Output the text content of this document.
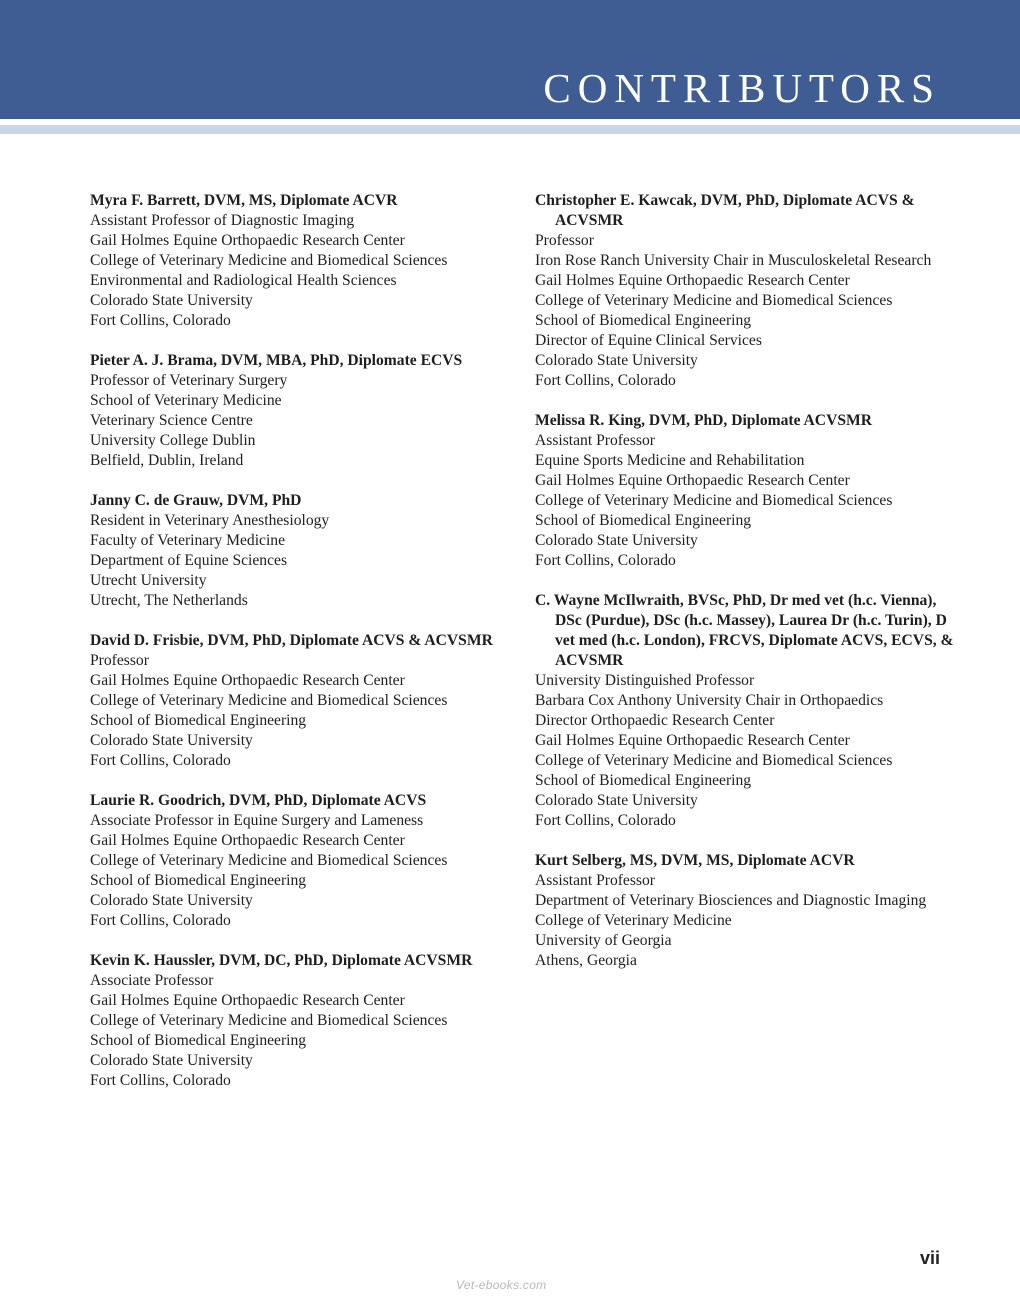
CONTRIBUTORS
Myra F. Barrett, DVM, MS, Diplomate ACVR
Assistant Professor of Diagnostic Imaging
Gail Holmes Equine Orthopaedic Research Center
College of Veterinary Medicine and Biomedical Sciences
Environmental and Radiological Health Sciences
Colorado State University
Fort Collins, Colorado
Pieter A. J. Brama, DVM, MBA, PhD, Diplomate ECVS
Professor of Veterinary Surgery
School of Veterinary Medicine
Veterinary Science Centre
University College Dublin
Belfield, Dublin, Ireland
Janny C. de Grauw, DVM, PhD
Resident in Veterinary Anesthesiology
Faculty of Veterinary Medicine
Department of Equine Sciences
Utrecht University
Utrecht, The Netherlands
David D. Frisbie, DVM, PhD, Diplomate ACVS & ACVSMR
Professor
Gail Holmes Equine Orthopaedic Research Center
College of Veterinary Medicine and Biomedical Sciences
School of Biomedical Engineering
Colorado State University
Fort Collins, Colorado
Laurie R. Goodrich, DVM, PhD, Diplomate ACVS
Associate Professor in Equine Surgery and Lameness
Gail Holmes Equine Orthopaedic Research Center
College of Veterinary Medicine and Biomedical Sciences
School of Biomedical Engineering
Colorado State University
Fort Collins, Colorado
Kevin K. Haussler, DVM, DC, PhD, Diplomate ACVSMR
Associate Professor
Gail Holmes Equine Orthopaedic Research Center
College of Veterinary Medicine and Biomedical Sciences
School of Biomedical Engineering
Colorado State University
Fort Collins, Colorado
Christopher E. Kawcak, DVM, PhD, Diplomate ACVS & ACVSMR
Professor
Iron Rose Ranch University Chair in Musculoskeletal Research
Gail Holmes Equine Orthopaedic Research Center
College of Veterinary Medicine and Biomedical Sciences
School of Biomedical Engineering
Director of Equine Clinical Services
Colorado State University
Fort Collins, Colorado
Melissa R. King, DVM, PhD, Diplomate ACVSMR
Assistant Professor
Equine Sports Medicine and Rehabilitation
Gail Holmes Equine Orthopaedic Research Center
College of Veterinary Medicine and Biomedical Sciences
School of Biomedical Engineering
Colorado State University
Fort Collins, Colorado
C. Wayne McIlwraith, BVSc, PhD, Dr med vet (h.c. Vienna), DSc (Purdue), DSc (h.c. Massey), Laurea Dr (h.c. Turin), D vet med (h.c. London), FRCVS, Diplomate ACVS, ECVS, & ACVSMR
University Distinguished Professor
Barbara Cox Anthony University Chair in Orthopaedics
Director Orthopaedic Research Center
Gail Holmes Equine Orthopaedic Research Center
College of Veterinary Medicine and Biomedical Sciences
School of Biomedical Engineering
Colorado State University
Fort Collins, Colorado
Kurt Selberg, MS, DVM, MS, Diplomate ACVR
Assistant Professor
Department of Veterinary Biosciences and Diagnostic Imaging
College of Veterinary Medicine
University of Georgia
Athens, Georgia
vii
Vet-ebooks.com
